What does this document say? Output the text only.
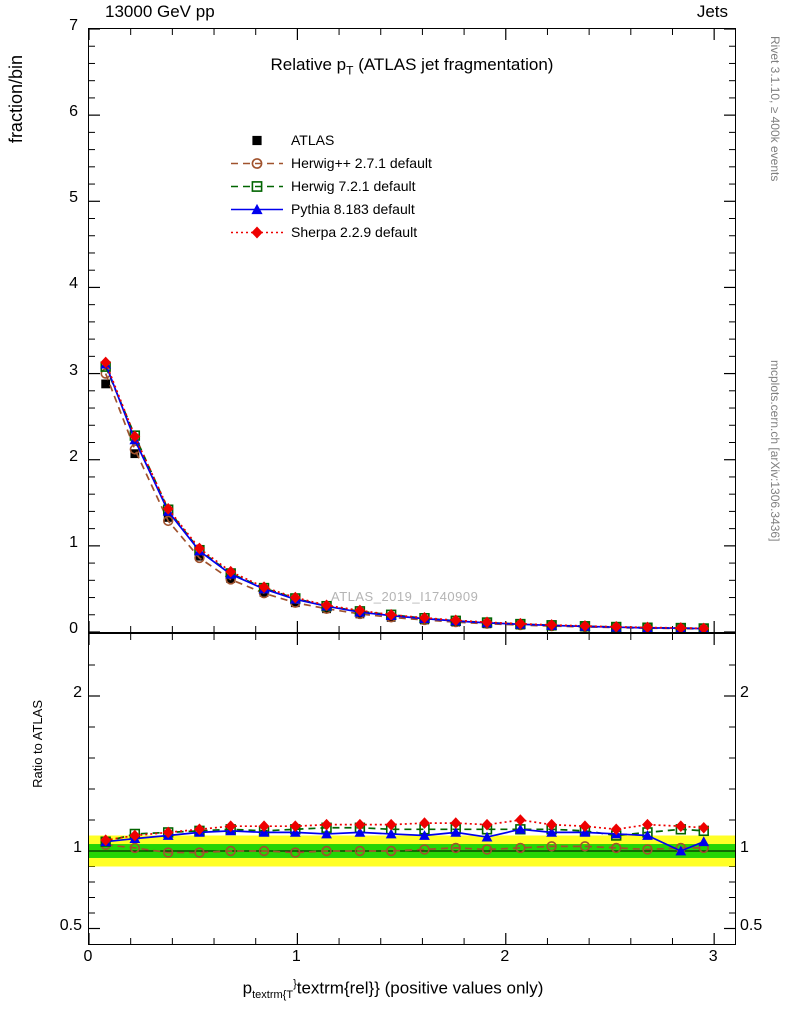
13000 GeV pp	Jets
Rivet 3.1.10, ≥ 400k events
mcplots.cern.ch [arXiv:1306.3436]
fraction/bin
Ratio to ATLAS
Relative $p_T$ (ATLAS jet fragmentation)
ATLAS
Herwig++ 2.7.1 default
Herwig 7.2.1 default
Pythia 8.183 default
Sherpa 2.2.9 default
ATLAS_2019_I1740909
0
1
2
3
4
5
6
7
0.5	0.5
1	1
2	2
0	1	2	3
$p_{textrm\{T}^{\}}textrm\{rel\}$} (positive values only)
